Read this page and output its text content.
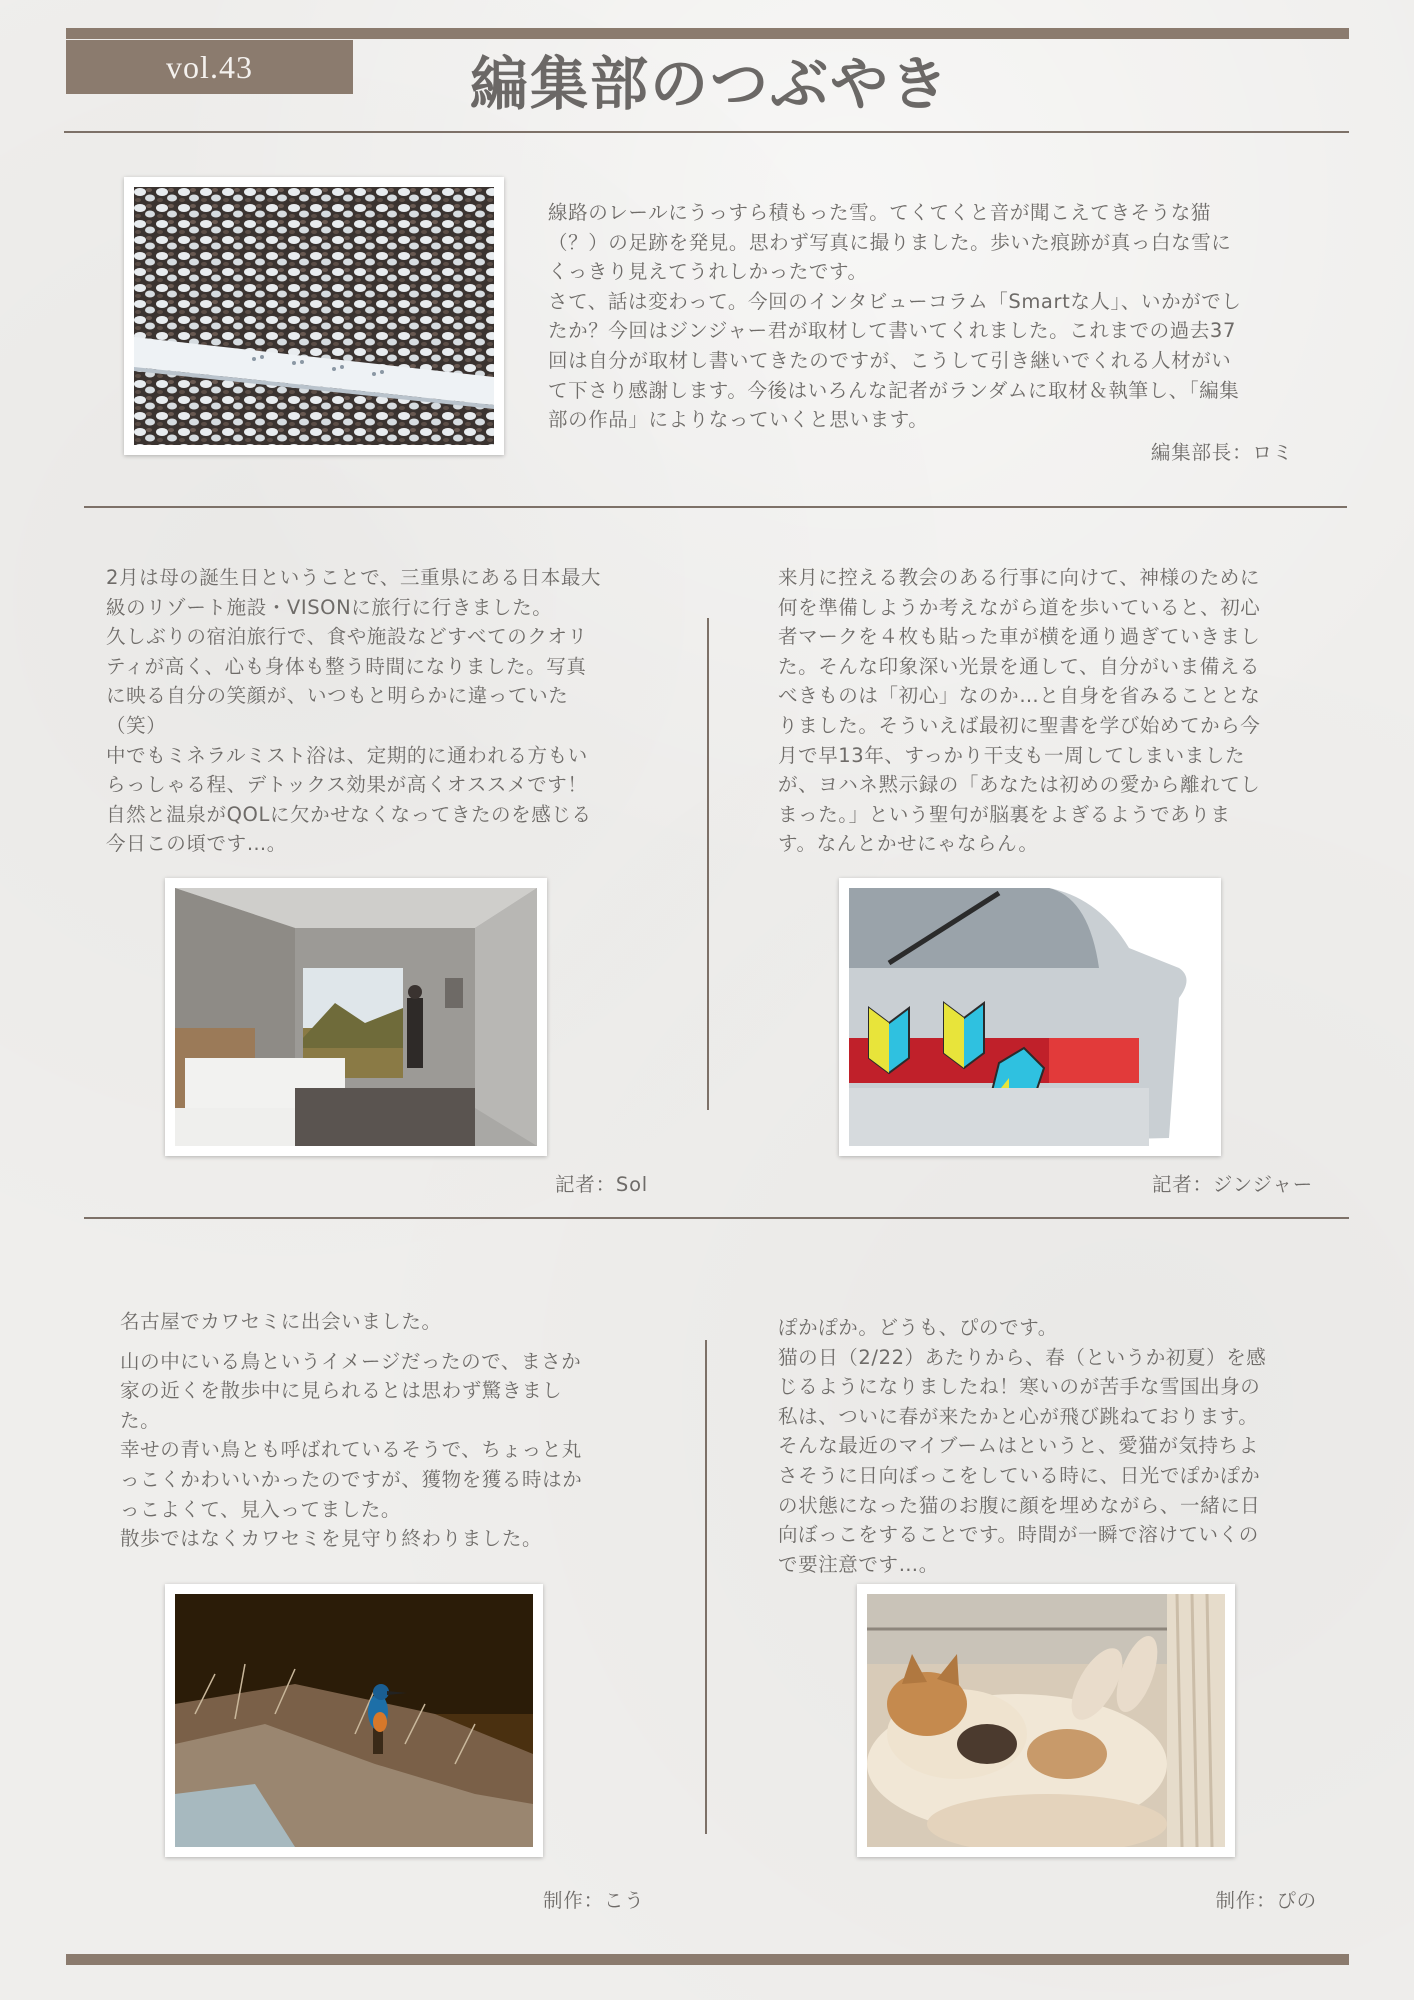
vol.43	編集部のつぶやき

線路のレールにうっすら積もった雪。てくてくと音が聞こえてきそうな猫

（？）の足跡を発見。思わず写真に撮りました。歩いた痕跡が真っ白な雪に

くっきり見えてうれしかったです。

さて、話は変わって。今回のインタビューコラム「Smartな人」、いかがでし

たか？今回はジンジャー君が取材して書いてくれました。これまでの過去37

回は自分が取材し書いてきたのですが、こうして引き継いでくれる人材がい

て下さり感謝します。今後はいろんな記者がランダムに取材＆執筆し、「編集

部の作品」によりなっていくと思います。

編集部長：ロミ

2月は母の誕生日ということで、三重県にある日本最大

級のリゾート施設・VISONに旅行に行きました。

久しぶりの宿泊旅行で、食や施設などすべてのクオリ

ティが高く、心も身体も整う時間になりました。写真

に映る自分の笑顔が、いつもと明らかに違っていた

（笑）

中でもミネラルミスト浴は、定期的に通われる方もい

らっしゃる程、デトックス効果が高くオススメです！

自然と温泉がQOLに欠かせなくなってきたのを感じる

今日この頃です…。

記者：Sol

来月に控える教会のある行事に向けて、神様のために

何を準備しようか考えながら道を歩いていると、初心

者マークを４枚も貼った車が横を通り過ぎていきまし

た。そんな印象深い光景を通して、自分がいま備える

べきものは「初心」なのか…と自身を省みることとな

りました。そういえば最初に聖書を学び始めてから今

月で早13年、すっかり干支も一周してしまいました

が、ヨハネ黙示録の「あなたは初めの愛から離れてし

まった。」という聖句が脳裏をよぎるようでありま

す。なんとかせにゃならん。

記者：ジンジャー

名古屋でカワセミに出会いました。

山の中にいる鳥というイメージだったので、まさか

家の近くを散歩中に見られるとは思わず驚きまし

た。

幸せの青い鳥とも呼ばれているそうで、ちょっと丸

っこくかわいいかったのですが、獲物を獲る時はか

っこよくて、見入ってました。

散歩ではなくカワセミを見守り終わりました。

制作：こう

ぽかぽか。どうも、ぴのです。

猫の日（2/22）あたりから、春（というか初夏）を感

じるようになりましたね！寒いのが苦手な雪国出身の

私は、ついに春が来たかと心が飛び跳ねております。

そんな最近のマイブームはというと、愛猫が気持ちよ

さそうに日向ぼっこをしている時に、日光でぽかぽか

の状態になった猫のお腹に顔を埋めながら、一緒に日

向ぼっこをすることです。時間が一瞬で溶けていくの

で要注意です…。

制作：ぴの
